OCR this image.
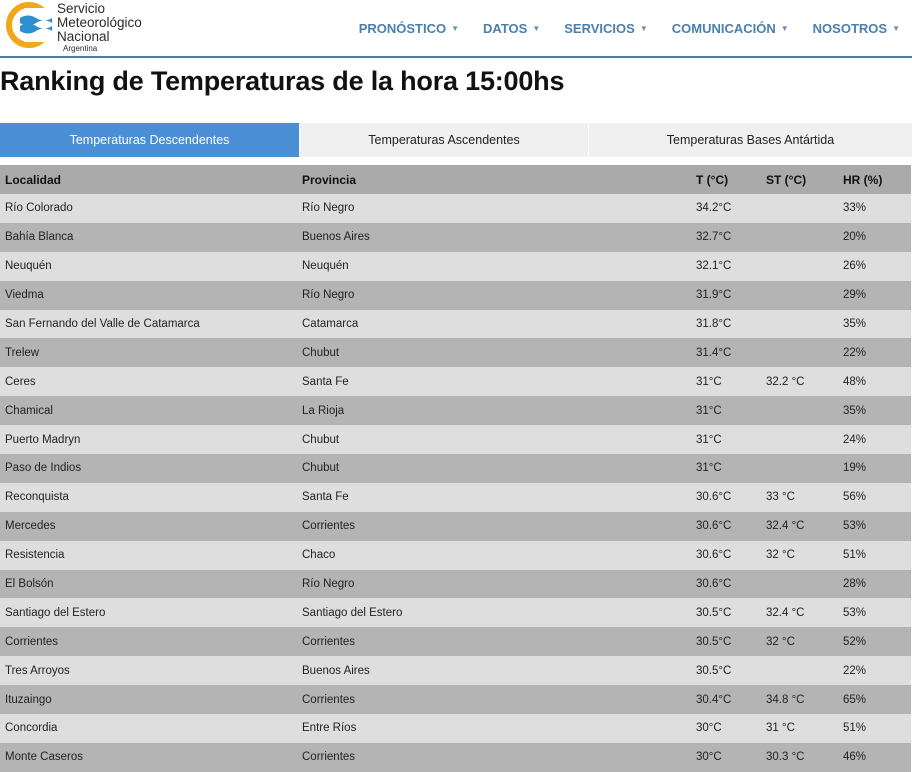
Servicio
Meteorológico
Nacional
Argentina
PRONÓSTICO ▼ DATOS ▼ SERVICIOS ▼ COMUNICACIÓN ▼ NOSOTROS ▼
Ranking de Temperaturas de la hora 15:00hs
Temperaturas Descendentes	Temperaturas Ascendentes	Temperaturas Bases Antártida
Localidad	Provincia	T (°C)	ST (°C)	HR (%)
Río Colorado	Río Negro	34.2°C		33%
Bahía Blanca	Buenos Aires	32.7°C		20%
Neuquén	Neuquén	32.1°C		26%
Viedma	Río Negro	31.9°C		29%
San Fernando del Valle de Catamarca	Catamarca	31.8°C		35%
Trelew	Chubut	31.4°C		22%
Ceres	Santa Fe	31°C	32.2 °C	48%
Chamical	La Rioja	31°C		35%
Puerto Madryn	Chubut	31°C		24%
Paso de Indios	Chubut	31°C		19%
Reconquista	Santa Fe	30.6°C	33 °C	56%
Mercedes	Corrientes	30.6°C	32.4 °C	53%
Resistencia	Chaco	30.6°C	32 °C	51%
El Bolsón	Río Negro	30.6°C		28%
Santiago del Estero	Santiago del Estero	30.5°C	32.4 °C	53%
Corrientes	Corrientes	30.5°C	32 °C	52%
Tres Arroyos	Buenos Aires	30.5°C		22%
Ituzaingo	Corrientes	30.4°C	34.8 °C	65%
Concordia	Entre Ríos	30°C	31 °C	51%
Monte Caseros	Corrientes	30°C	30.3 °C	46%
